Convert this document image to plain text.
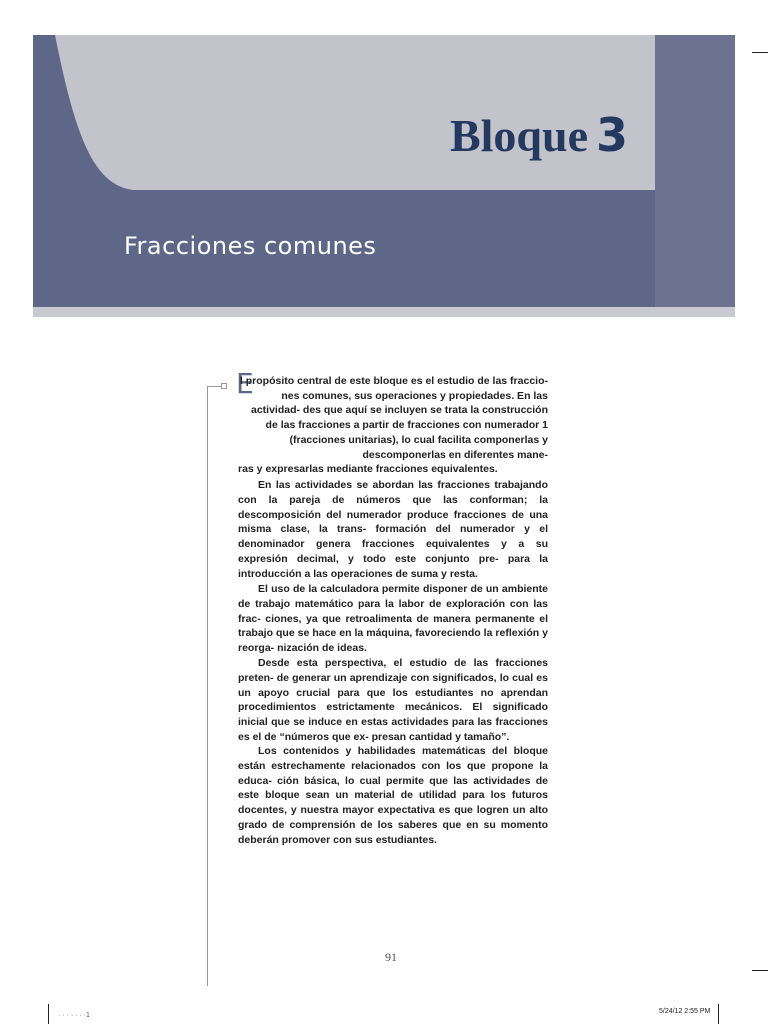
Bloque 3
Fracciones comunes
E
l propósito central de este bloque es el estudio de las fraccio- nes comunes, sus operaciones y propiedades. En las actividad- des que aquí se incluyen se trata la construcción de las fracciones a partir de fracciones con numerador 1 (fracciones unitarias), lo cual facilita componerlas y descomponerlas en diferentes mane-
ras y expresarlas mediante fracciones equivalentes.
En las actividades se abordan las fracciones trabajando con la pareja de números que las conforman; la descomposición del numerador produce fracciones de una misma clase, la trans- formación del numerador y el denominador genera fracciones equivalentes y a su expresión decimal, y todo este conjunto pre- para la introducción a las operaciones de suma y resta.
El uso de la calculadora permite disponer de un ambiente de trabajo matemático para la labor de exploración con las frac- ciones, ya que retroalimenta de manera permanente el trabajo que se hace en la máquina, favoreciendo la reflexión y reorga- nización de ideas.
Desde esta perspectiva, el estudio de las fracciones preten- de generar un aprendizaje con significados, lo cual es un apoyo crucial para que los estudiantes no aprendan procedimientos estrictamente mecánicos. El significado inicial que se induce en estas actividades para las fracciones es el de “números que ex- presan cantidad y tamaño”.
Los contenidos y habilidades matemáticas del bloque están estrechamente relacionados con los que propone la educa- ción básica, lo cual permite que las actividades de este bloque sean un material de utilidad para los futuros docentes, y nuestra mayor expectativa es que logren un alto grado de comprensión de los saberes que en su momento deberán promover con sus estudiantes.
91
· · · · · · ·1
5/24/12 2:55 PM
